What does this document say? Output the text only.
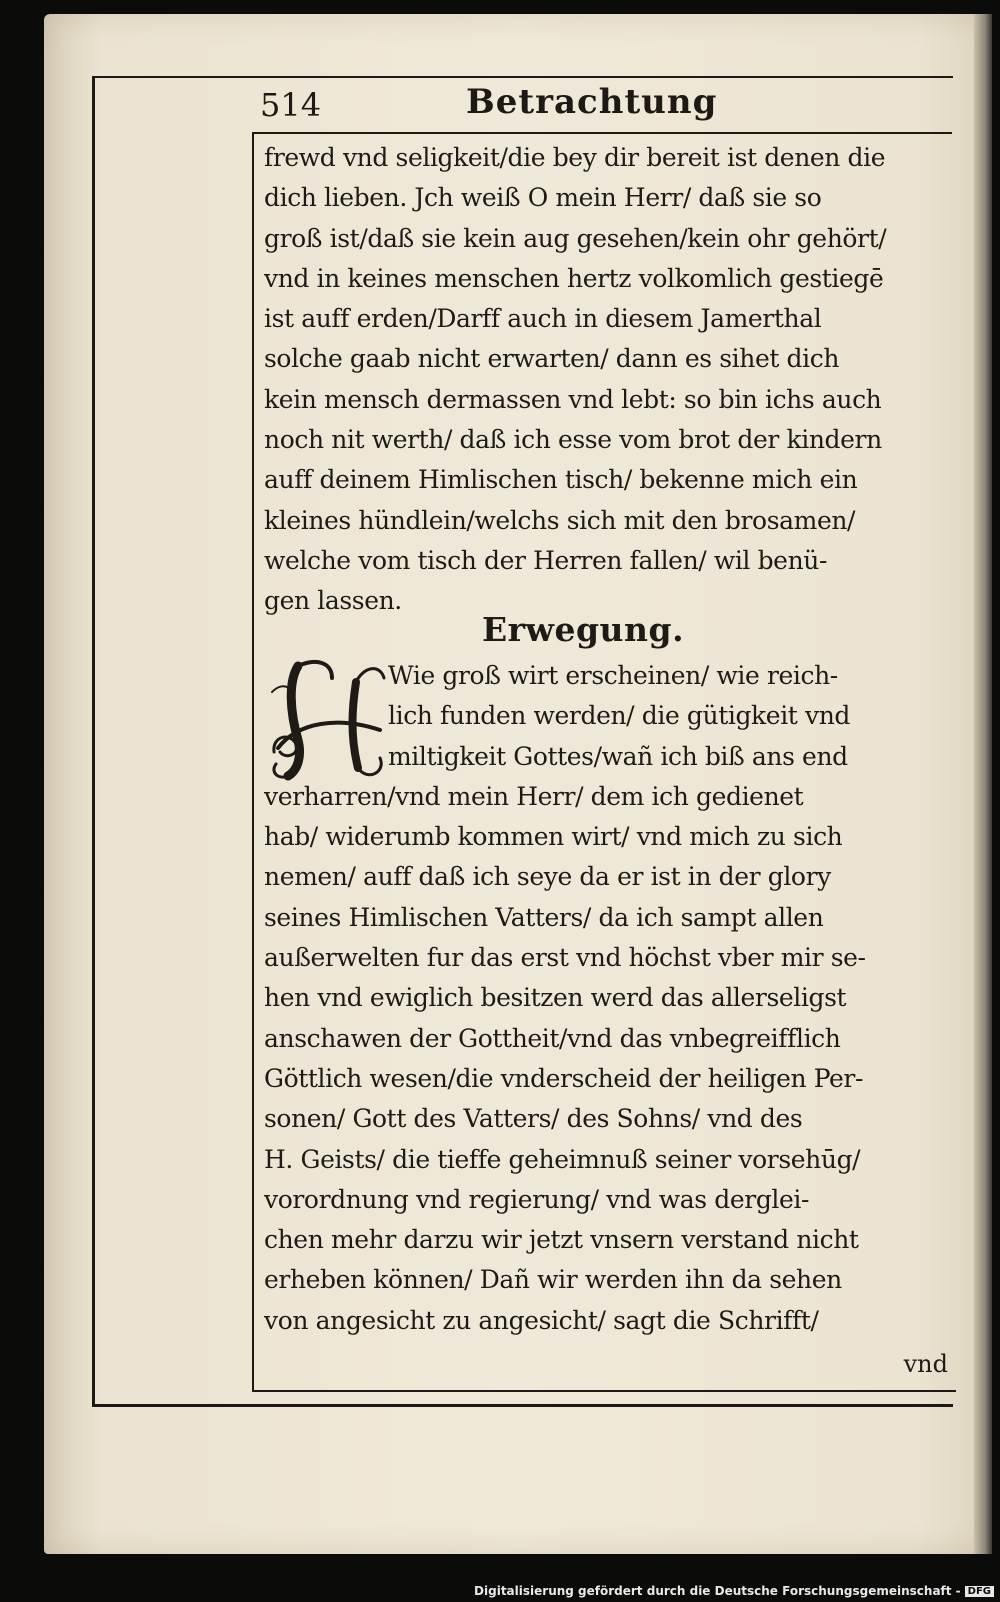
514	Betrachtung
frewd vnd seligkeit/die bey dir bereit ist denen die
dich lieben. Jch weiß O mein Herr/ daß sie so
groß ist/daß sie kein aug gesehen/kein ohr gehört/
vnd in keines menschen hertz volkomlich gestiegē
ist auff erden/Darff auch in diesem Jamerthal
solche gaab nicht erwarten/ dann es sihet dich
kein mensch dermassen vnd lebt: so bin ichs auch
noch nit werth/ daß ich esse vom brot der kindern
auff deinem Himlischen tisch/ bekenne mich ein
kleines hündlein/welchs sich mit den brosamen/
welche vom tisch der Herren fallen/ wil benü-
gen lassen.
Erwegung.
Wie groß wirt erscheinen/ wie reich-
lich funden werden/ die gütigkeit vnd
miltigkeit Gottes/wañ ich biß ans end
verharren/vnd mein Herr/ dem ich gedienet
hab/ widerumb kommen wirt/ vnd mich zu sich
nemen/ auff daß ich seye da er ist in der glory
seines Himlischen Vatters/ da ich sampt allen
außerwelten fur das erst vnd höchst vber mir se-
hen vnd ewiglich besitzen werd das allerseligst
anschawen der Gottheit/vnd das vnbegreifflich
Göttlich wesen/die vnderscheid der heiligen Per-
sonen/ Gott des Vatters/ des Sohns/ vnd des
H. Geists/ die tieffe geheimnuß seiner vorsehūg/
vorordnung vnd regierung/ vnd was derglei-
chen mehr darzu wir jetzt vnsern verstand nicht
erheben können/ Dañ wir werden ihn da sehen
von angesicht zu angesicht/ sagt die Schrifft/
vnd
Digitalisierung gefördert durch die Deutsche Forschungsgemeinschaft - DFG
